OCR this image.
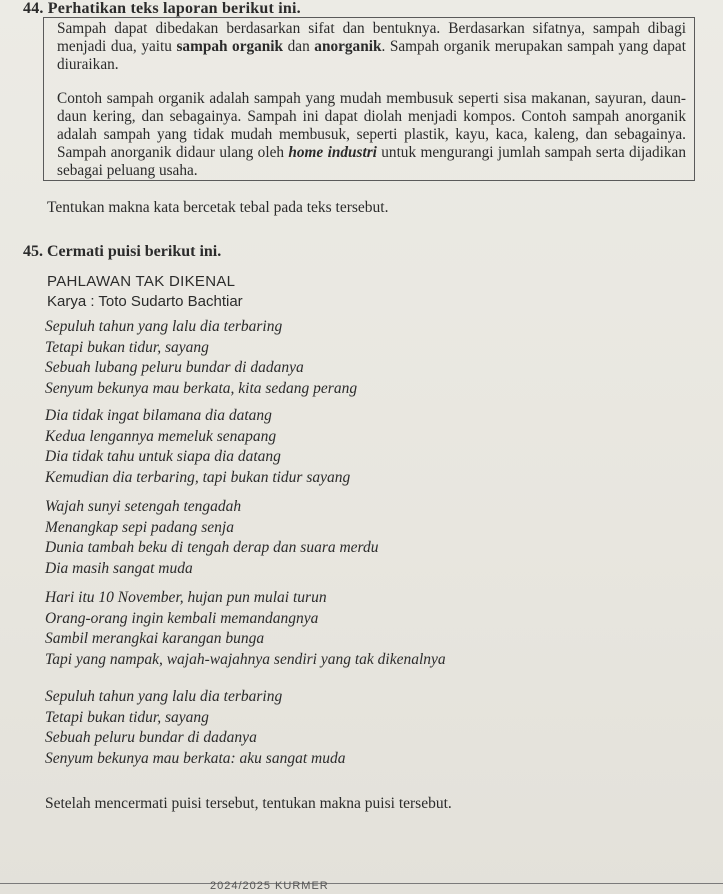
44. Perhatikan teks laporan berikut ini.

Sampah dapat dibedakan berdasarkan sifat dan bentuknya. Berdasarkan sifatnya, sampah dibagi menjadi dua, yaitu sampah organik dan anorganik. Sampah organik merupakan sampah yang dapat diuraikan.

Contoh sampah organik adalah sampah yang mudah membusuk seperti sisa makanan, sayuran, daun-daun kering, dan sebagainya. Sampah ini dapat diolah menjadi kompos. Contoh sampah anorganik adalah sampah yang tidak mudah membusuk, seperti plastik, kayu, kaca, kaleng, dan sebagainya. Sampah anorganik didaur ulang oleh home industri untuk mengurangi jumlah sampah serta dijadikan sebagai peluang usaha.

Tentukan makna kata bercetak tebal pada teks tersebut.
45. Cermati puisi berikut ini.
PAHLAWAN TAK DIKENAL
Karya : Toto Sudarto Bachtiar
Sepuluh tahun yang lalu dia terbaring
Tetapi bukan tidur, sayang
Sebuah lubang peluru bundar di dadanya
Senyum bekunya mau berkata, kita sedang perang
Dia tidak ingat bilamana dia datang
Kedua lengannya memeluk senapang
Dia tidak tahu untuk siapa dia datang
Kemudian dia terbaring, tapi bukan tidur sayang
Wajah sunyi setengah tengadah
Menangkap sepi padang senja
Dunia tambah beku di tengah derap dan suara merdu
Dia masih sangat muda
Hari itu 10 November, hujan pun mulai turun
Orang-orang ingin kembali memandangnya
Sambil merangkai karangan bunga
Tapi yang nampak, wajah-wajahnya sendiri yang tak dikenalnya
Sepuluh tahun yang lalu dia terbaring
Tetapi bukan tidur, sayang
Sebuah peluru bundar di dadanya
Senyum bekunya mau berkata: aku sangat muda
Setelah mencermati puisi tersebut, tentukan makna puisi tersebut.
2024/2025 KURMER
